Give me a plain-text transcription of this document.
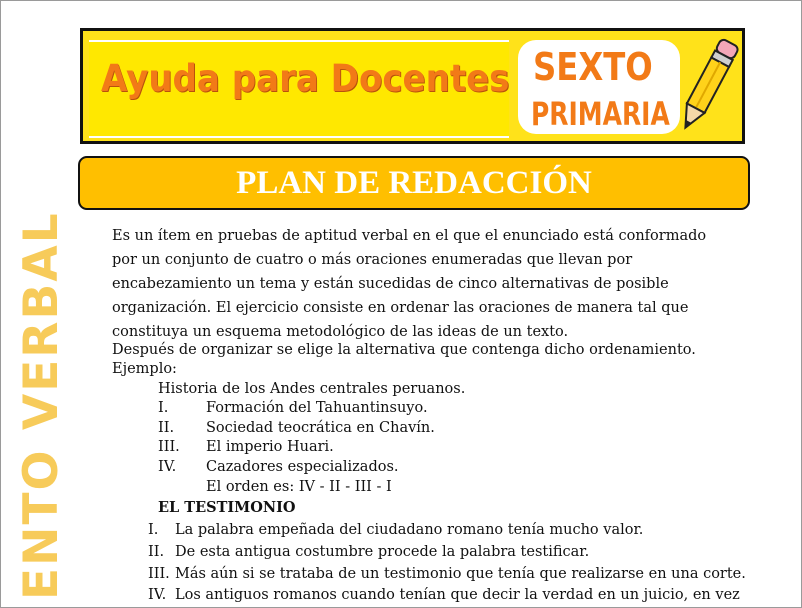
ENTO VERBAL
Ayuda para Docentes SEXTO
PRIMARIA
PLAN DE REDACCIÓN
Es un ítem en pruebas de aptitud verbal en el que el enunciado está conformado
por un conjunto de cuatro o más oraciones enumeradas que llevan por
encabezamiento un tema y están sucedidas de cinco alternativas de posible
organización. El ejercicio consiste en ordenar las oraciones de manera tal que
constituya un esquema metodológico de las ideas de un texto.
Después de organizar se elige la alternativa que contenga dicho ordenamiento.
Ejemplo:
Historia de los Andes centrales peruanos.
I.	Formación del Tahuantinsuyo.
II. Sociedad teocrática en Chavín.
III. El imperio Huari.
IV. Cazadores especializados.
El orden es: IV - II - III - I
EL TESTIMONIO
I. La palabra empeñada del ciudadano romano tenía mucho valor.
II. De esta antigua costumbre procede la palabra testificar.
III. Más aún si se trataba de un testimonio que tenía que realizarse en una corte.
IV. Los antiguos romanos cuando tenían que decir la verdad en un juicio, en vez
